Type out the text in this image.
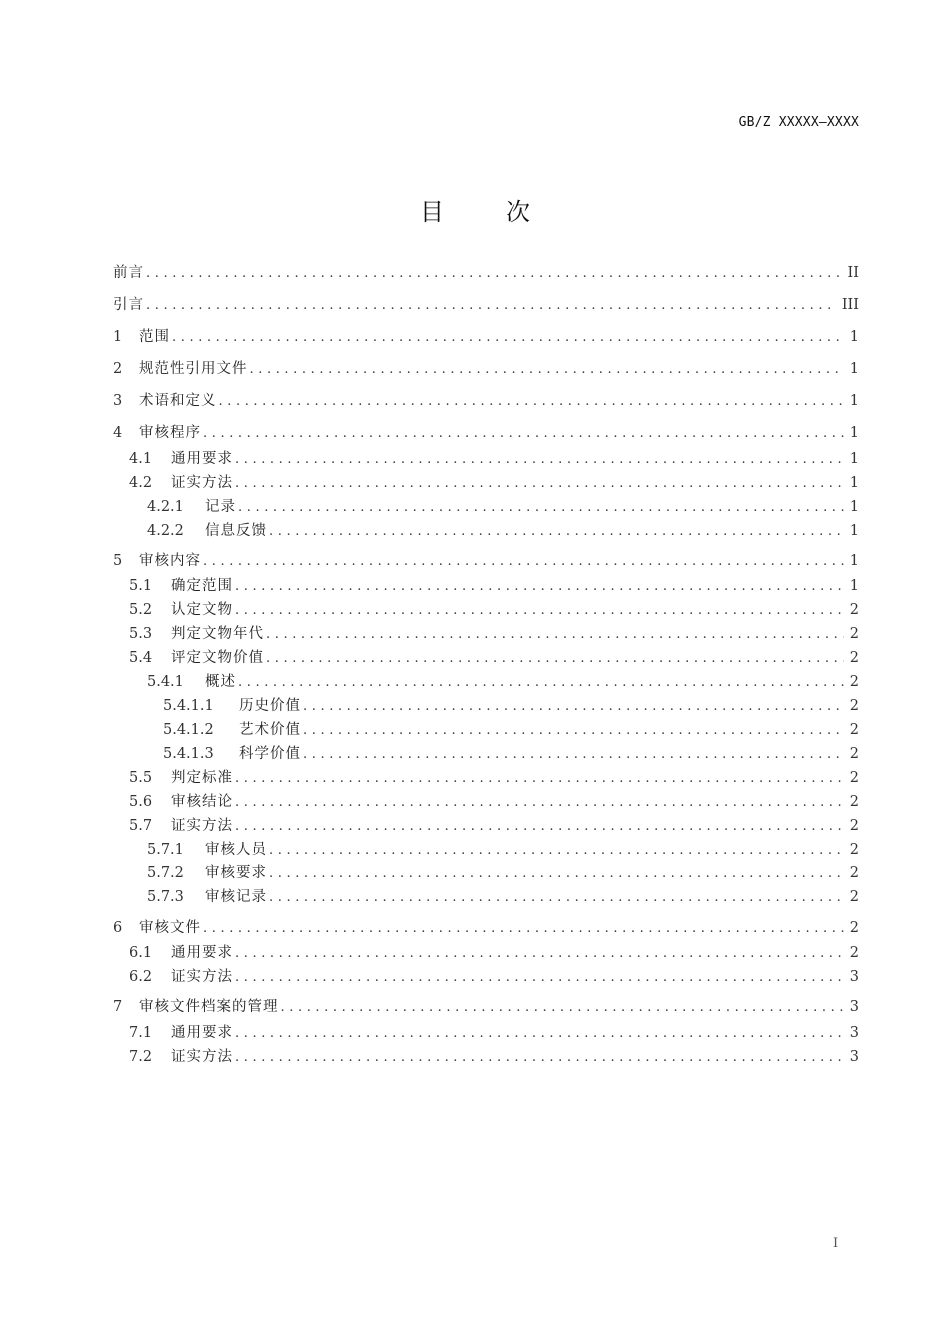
GB/Z XXXXX—XXXX
目	次
前言 .....	II
引言 .....	III
1	范围 .....	1
2	规范性引用文件 .....	1
3	术语和定义 .....	1
4	审核程序 .....	1
4.1	通用要求 .....	1
4.2	证实方法 .....	1
4.2.1	记录 .....	1
4.2.2	信息反馈 .....	1
5	审核内容 .....	1
5.1	确定范围 .....	1
5.2	认定文物 .....	2
5.3	判定文物年代 .....	2
5.4	评定文物价值 .....	2
5.4.1	概述 .....	2
5.4.1.1	历史价值 .....	2
5.4.1.2	艺术价值 .....	2
5.4.1.3	科学价值 .....	2
5.5	判定标准 .....	2
5.6	审核结论 .....	2
5.7	证实方法 .....	2
5.7.1	审核人员 .....	2
5.7.2	审核要求 .....	2
5.7.3	审核记录 .....	2
6	审核文件 .....	2
6.1	通用要求 .....	2
6.2	证实方法 .....	3
7	审核文件档案的管理 .....	3
7.1	通用要求 .....	3
7.2	证实方法 .....	3
I
